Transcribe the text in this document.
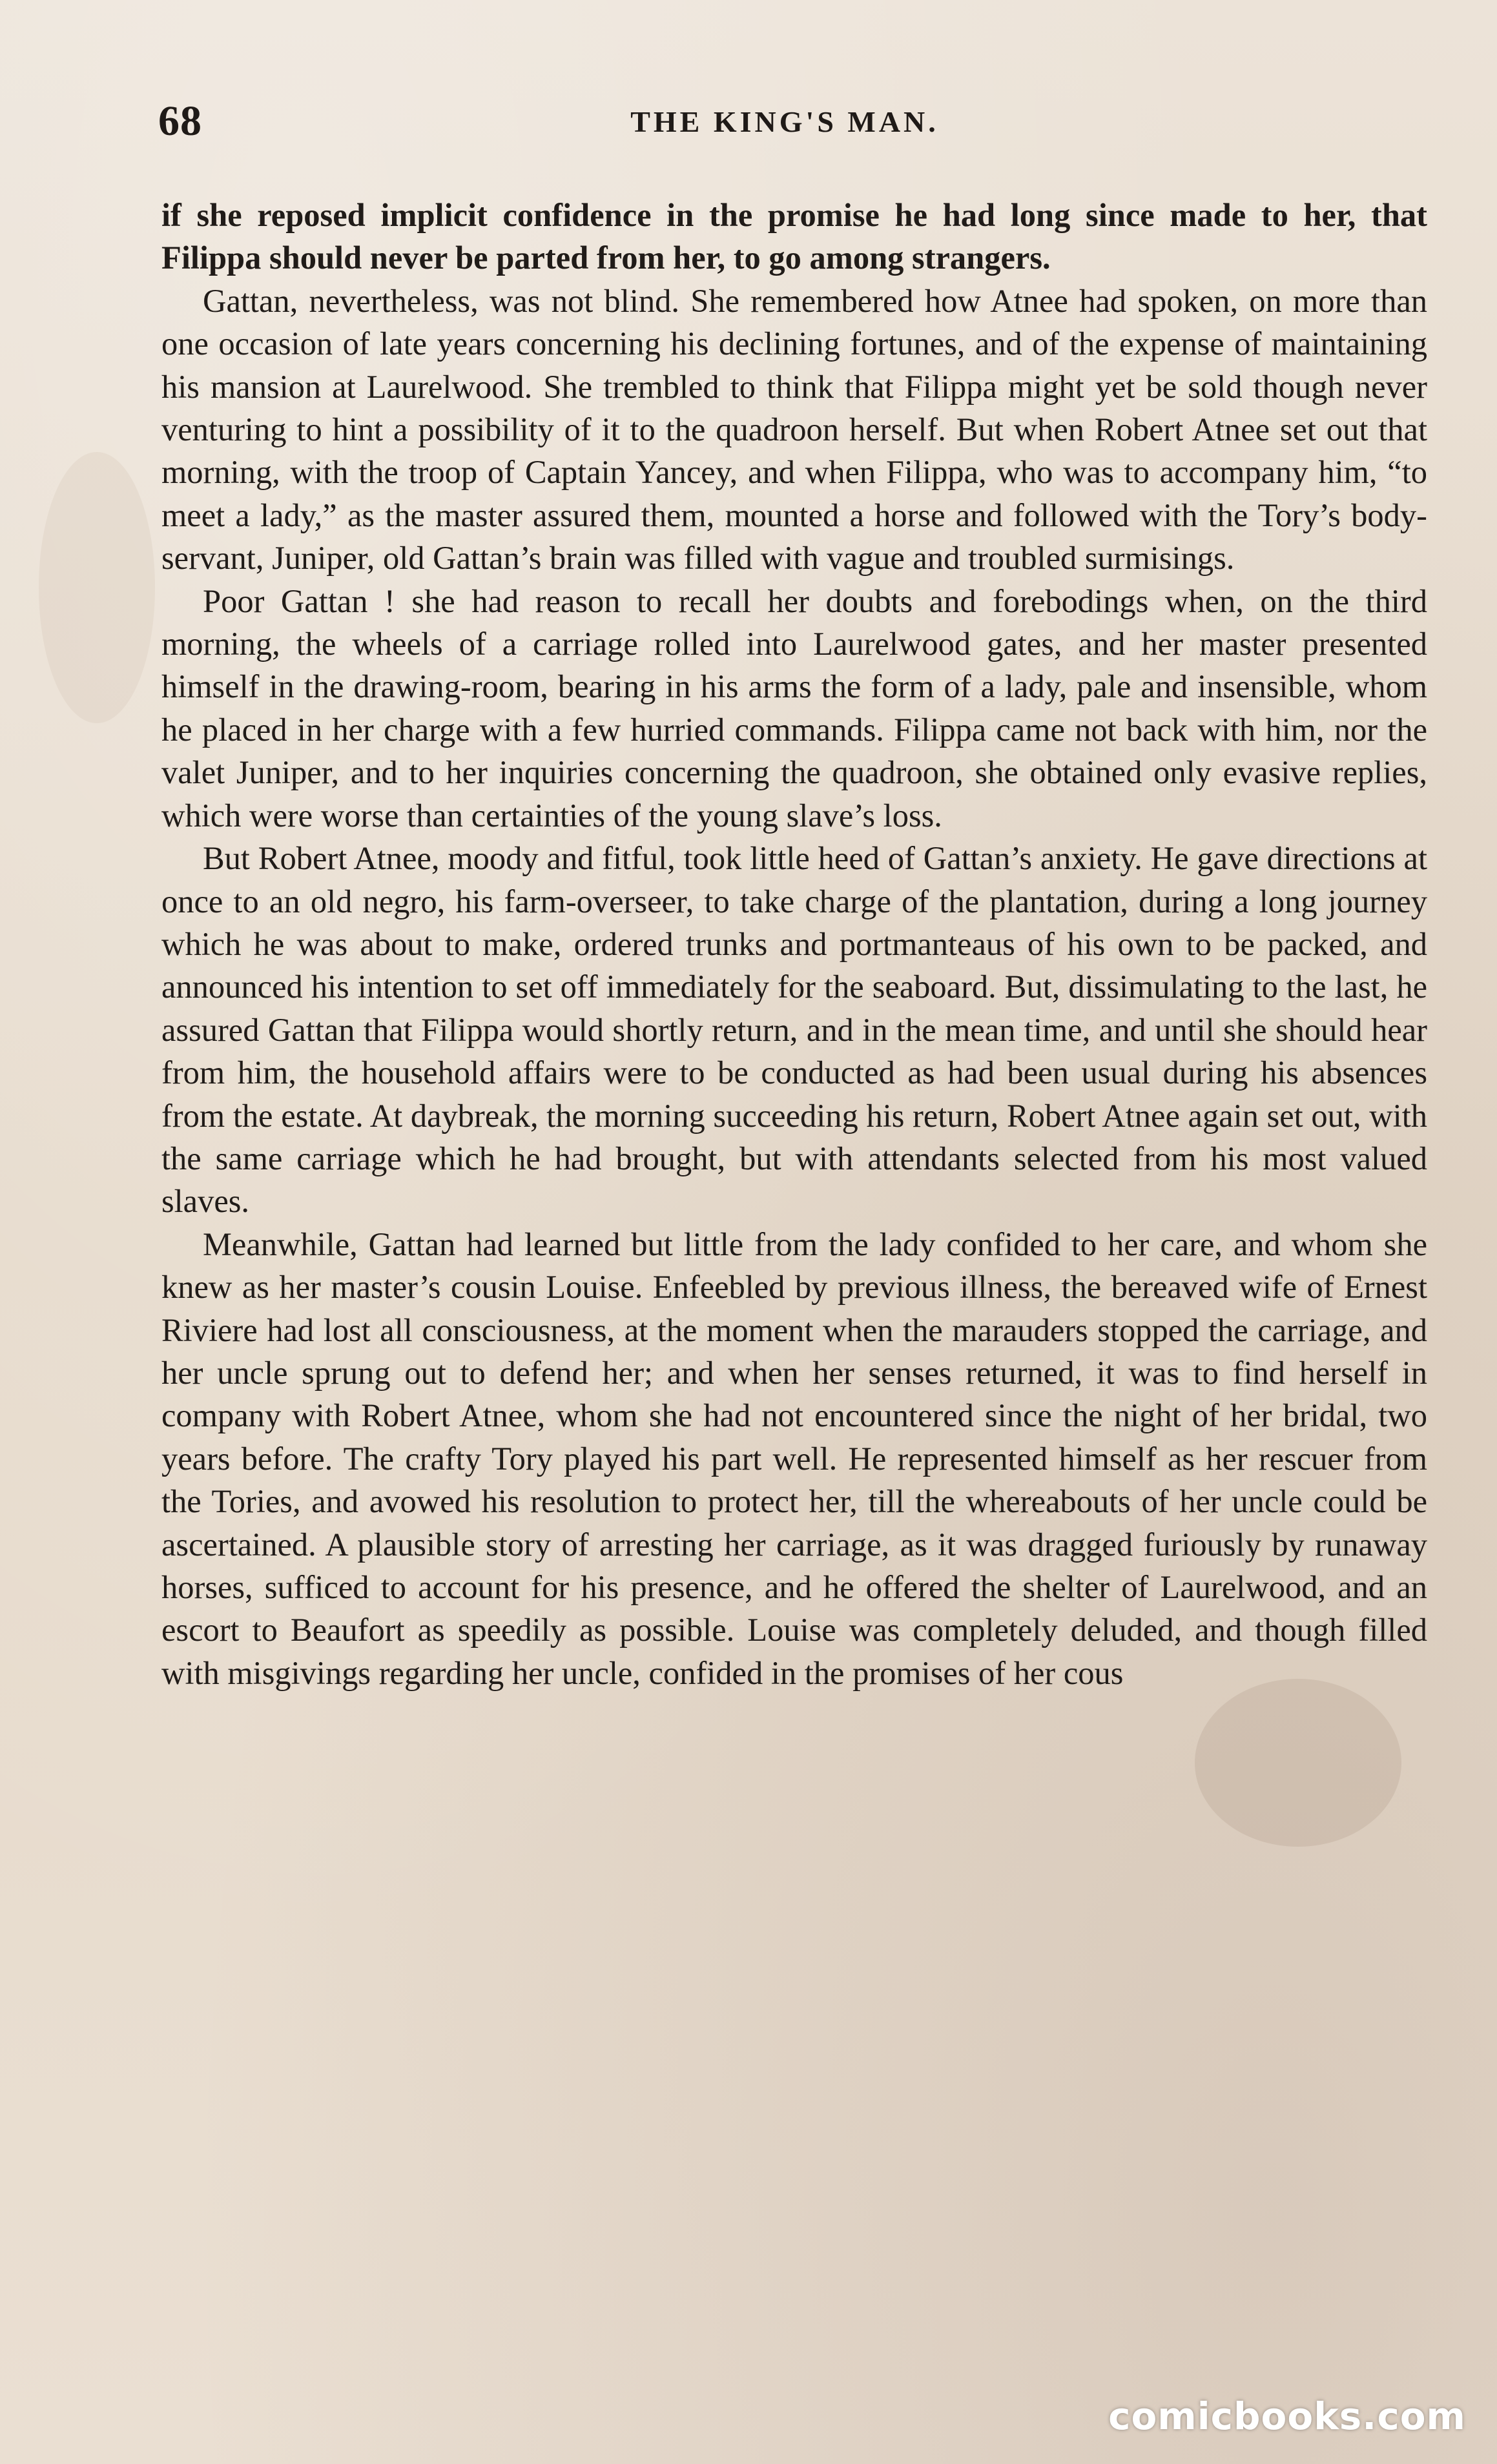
68	THE KING'S MAN.

if she reposed implicit confidence in the promise he had long since made to her, that Filippa should never be parted from her, to go among strangers.

Gattan, nevertheless, was not blind. She remembered how Atnee had spoken, on more than one occasion of late years concerning his declining fortunes, and of the expense of maintaining his mansion at Laurelwood. She trembled to think that Filippa might yet be sold though never venturing to hint a possibility of it to the quadroon herself. But when Robert Atnee set out that morning, with the troop of Captain Yancey, and when Filippa, who was to accompany him, “to meet a lady,” as the master assured them, mounted a horse and followed with the Tory’s body-servant, Juniper, old Gattan’s brain was filled with vague and troubled surmisings.

Poor Gattan ! she had reason to recall her doubts and forebodings when, on the third morning, the wheels of a carriage rolled into Laurelwood gates, and her master presented himself in the drawing-room, bearing in his arms the form of a lady, pale and insensible, whom he placed in her charge with a few hurried commands. Filippa came not back with him, nor the valet Juniper, and to her inquiries concerning the quadroon, she obtained only evasive replies, which were worse than certainties of the young slave’s loss.

But Robert Atnee, moody and fitful, took little heed of Gattan’s anxiety. He gave directions at once to an old negro, his farm-overseer, to take charge of the plantation, during a long journey which he was about to make, ordered trunks and portmanteaus of his own to be packed, and announced his intention to set off immediately for the seaboard. But, dissimulating to the last, he assured Gattan that Filippa would shortly return, and in the mean time, and until she should hear from him, the household affairs were to be conducted as had been usual during his absences from the estate. At daybreak, the morning succeeding his return, Robert Atnee again set out, with the same carriage which he had brought, but with attendants selected from his most valued slaves.

Meanwhile, Gattan had learned but little from the lady confided to her care, and whom she knew as her master’s cousin Louise. Enfeebled by previous illness, the bereaved wife of Ernest Riviere had lost all consciousness, at the moment when the marauders stopped the carriage, and her uncle sprung out to defend her; and when her senses returned, it was to find herself in company with Robert Atnee, whom she had not encountered since the night of her bridal, two years before. The crafty Tory played his part well. He represented himself as her rescuer from the Tories, and avowed his resolution to protect her, till the whereabouts of her uncle could be ascertained. A plausible story of arresting her carriage, as it was dragged furiously by runaway horses, sufficed to account for his presence, and he offered the shelter of Laurelwood, and an escort to Beaufort as speedily as possible. Louise was completely deluded, and though filled with misgivings regarding her uncle, confided in the promises of her cous

comicbooks.com
